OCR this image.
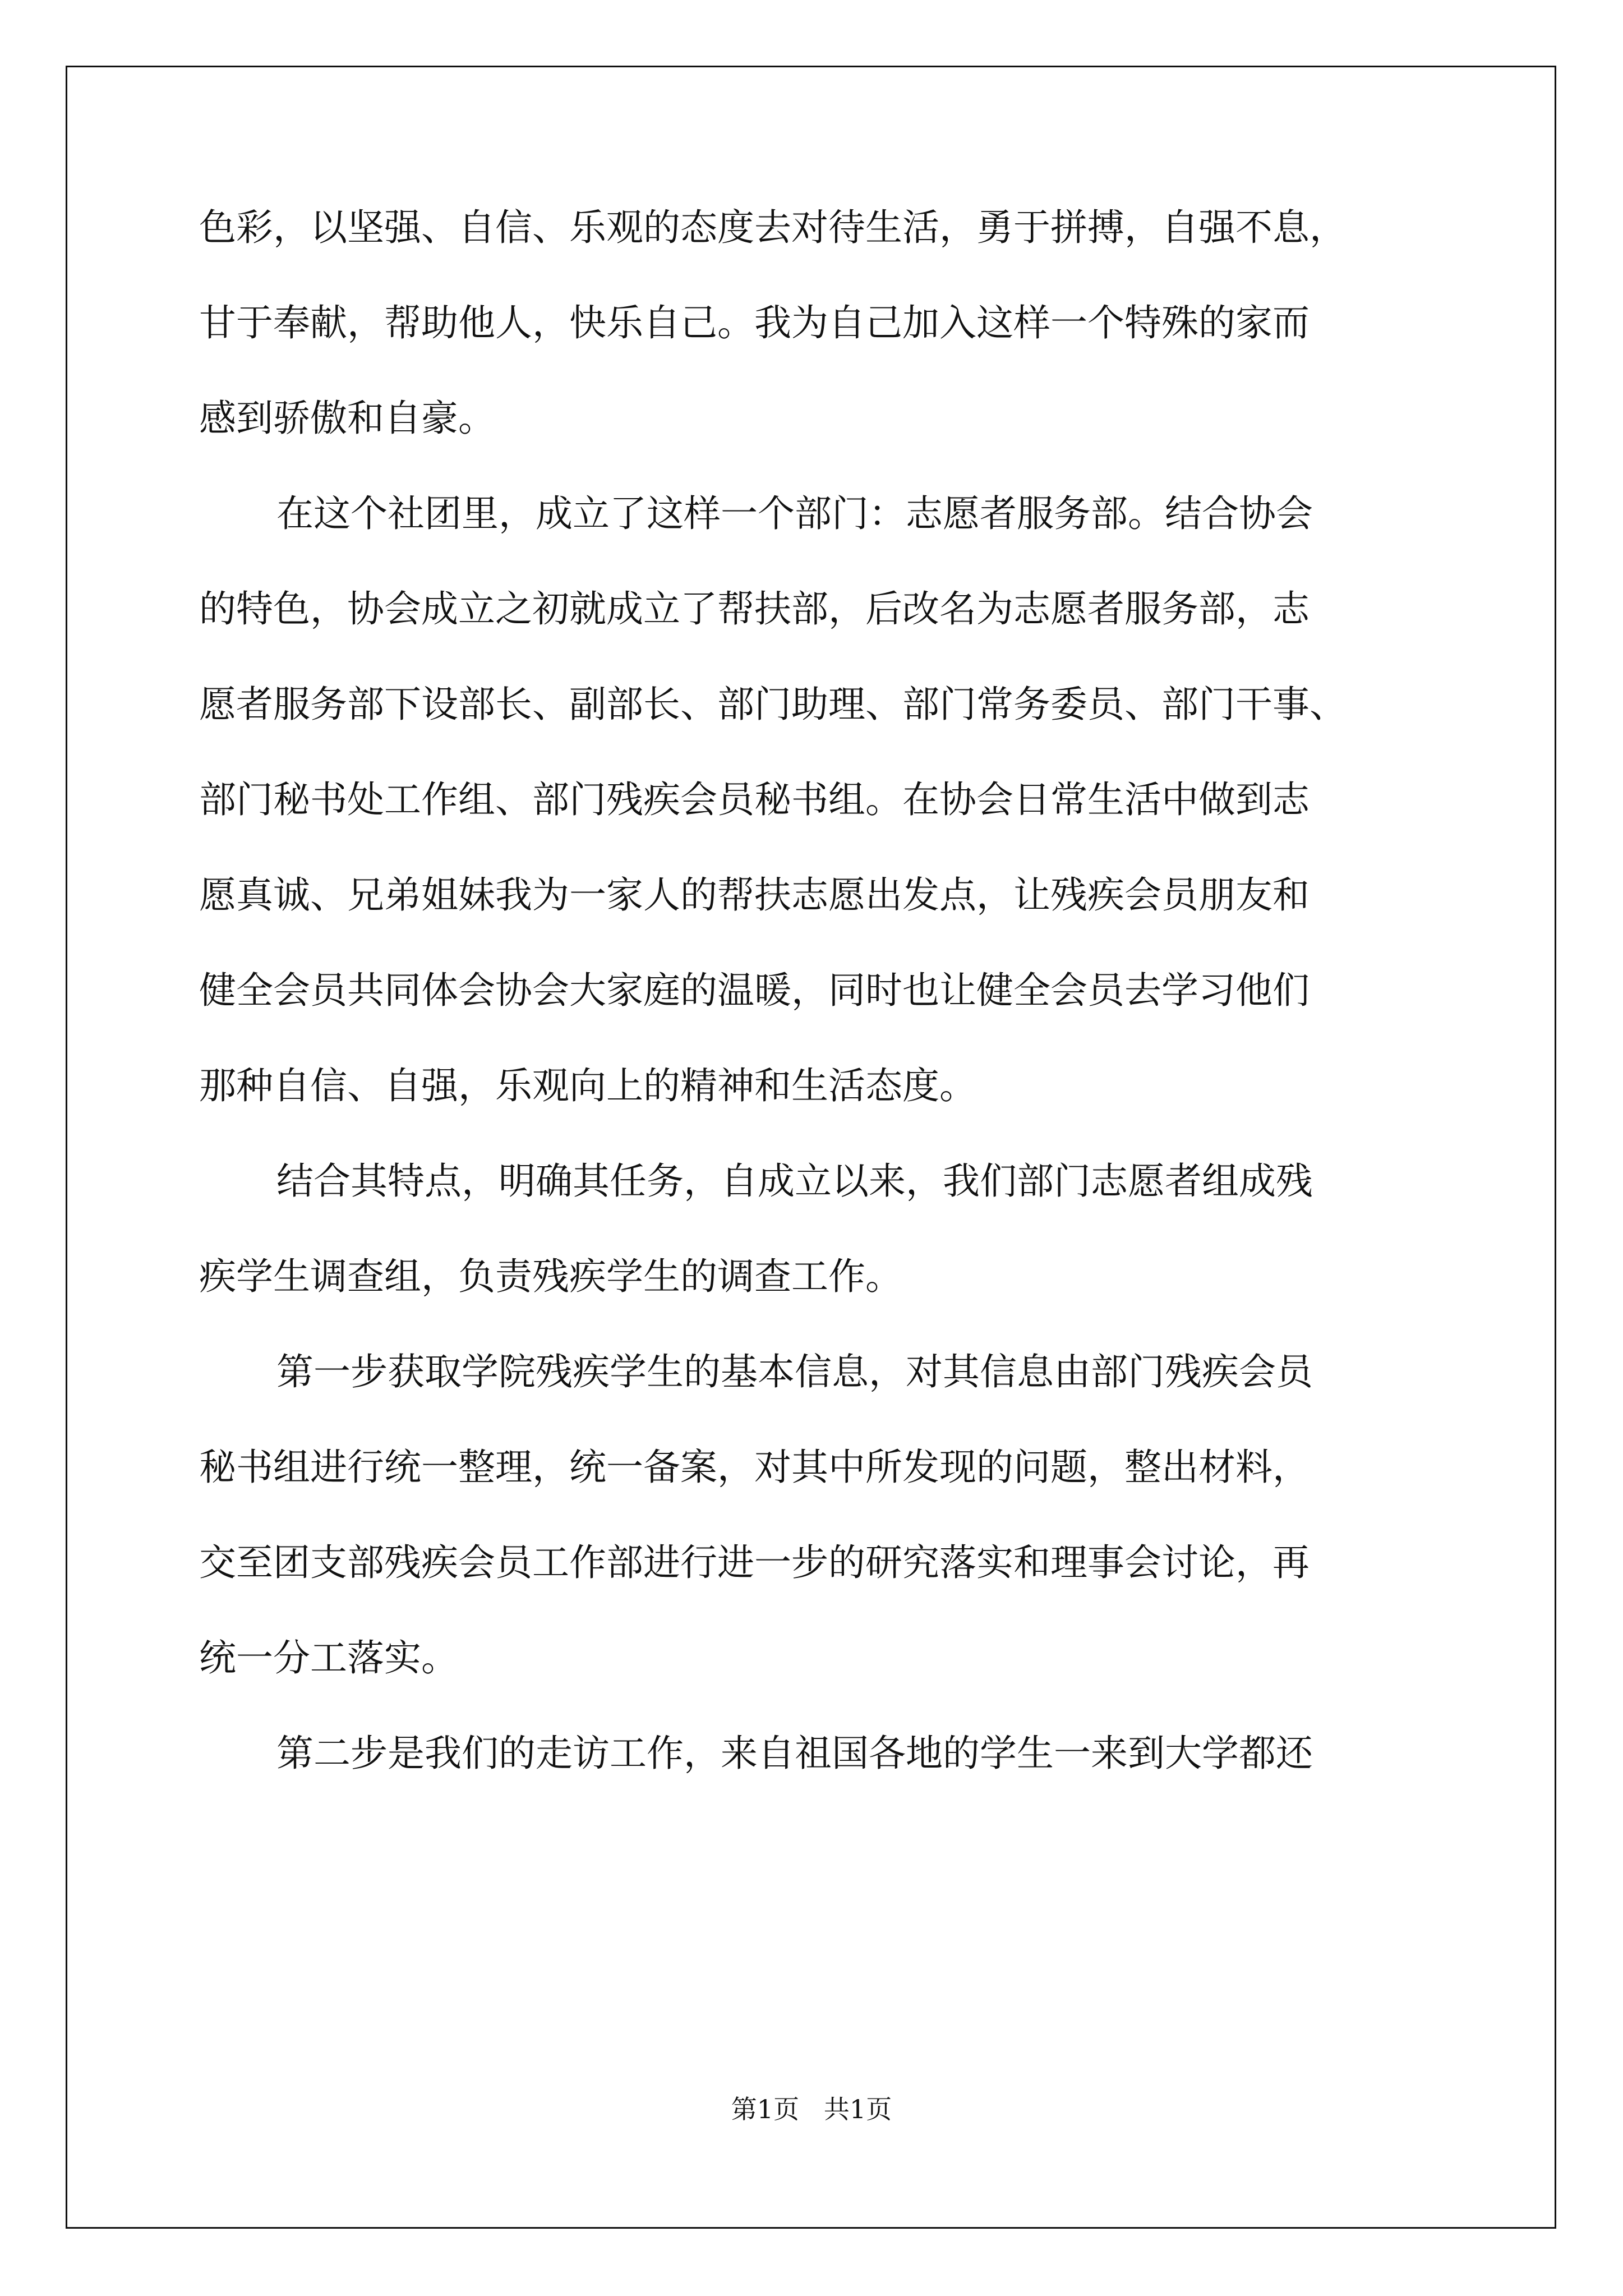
色彩，以坚强、自信、乐观的态度去对待生活，勇于拼搏，自强不息，
甘于奉献，帮助他人，快乐自己。我为自己加入这样一个特殊的家而
感到骄傲和自豪。
在这个社团里，成立了这样一个部门：志愿者服务部。结合协会
的特色，协会成立之初就成立了帮扶部，后改名为志愿者服务部，志
愿者服务部下设部长、副部长、部门助理、部门常务委员、部门干事、
部门秘书处工作组、部门残疾会员秘书组。在协会日常生活中做到志
愿真诚、兄弟姐妹我为一家人的帮扶志愿出发点，让残疾会员朋友和
健全会员共同体会协会大家庭的温暖，同时也让健全会员去学习他们
那种自信、自强，乐观向上的精神和生活态度。
结合其特点，明确其任务，自成立以来，我们部门志愿者组成残
疾学生调查组，负责残疾学生的调查工作。
第一步获取学院残疾学生的基本信息，对其信息由部门残疾会员
秘书组进行统一整理，统一备案，对其中所发现的问题，整出材料，
交至团支部残疾会员工作部进行进一步的研究落实和理事会讨论，再
统一分工落实。
第二步是我们的走访工作，来自祖国各地的学生一来到大学都还
第1页   共1页
